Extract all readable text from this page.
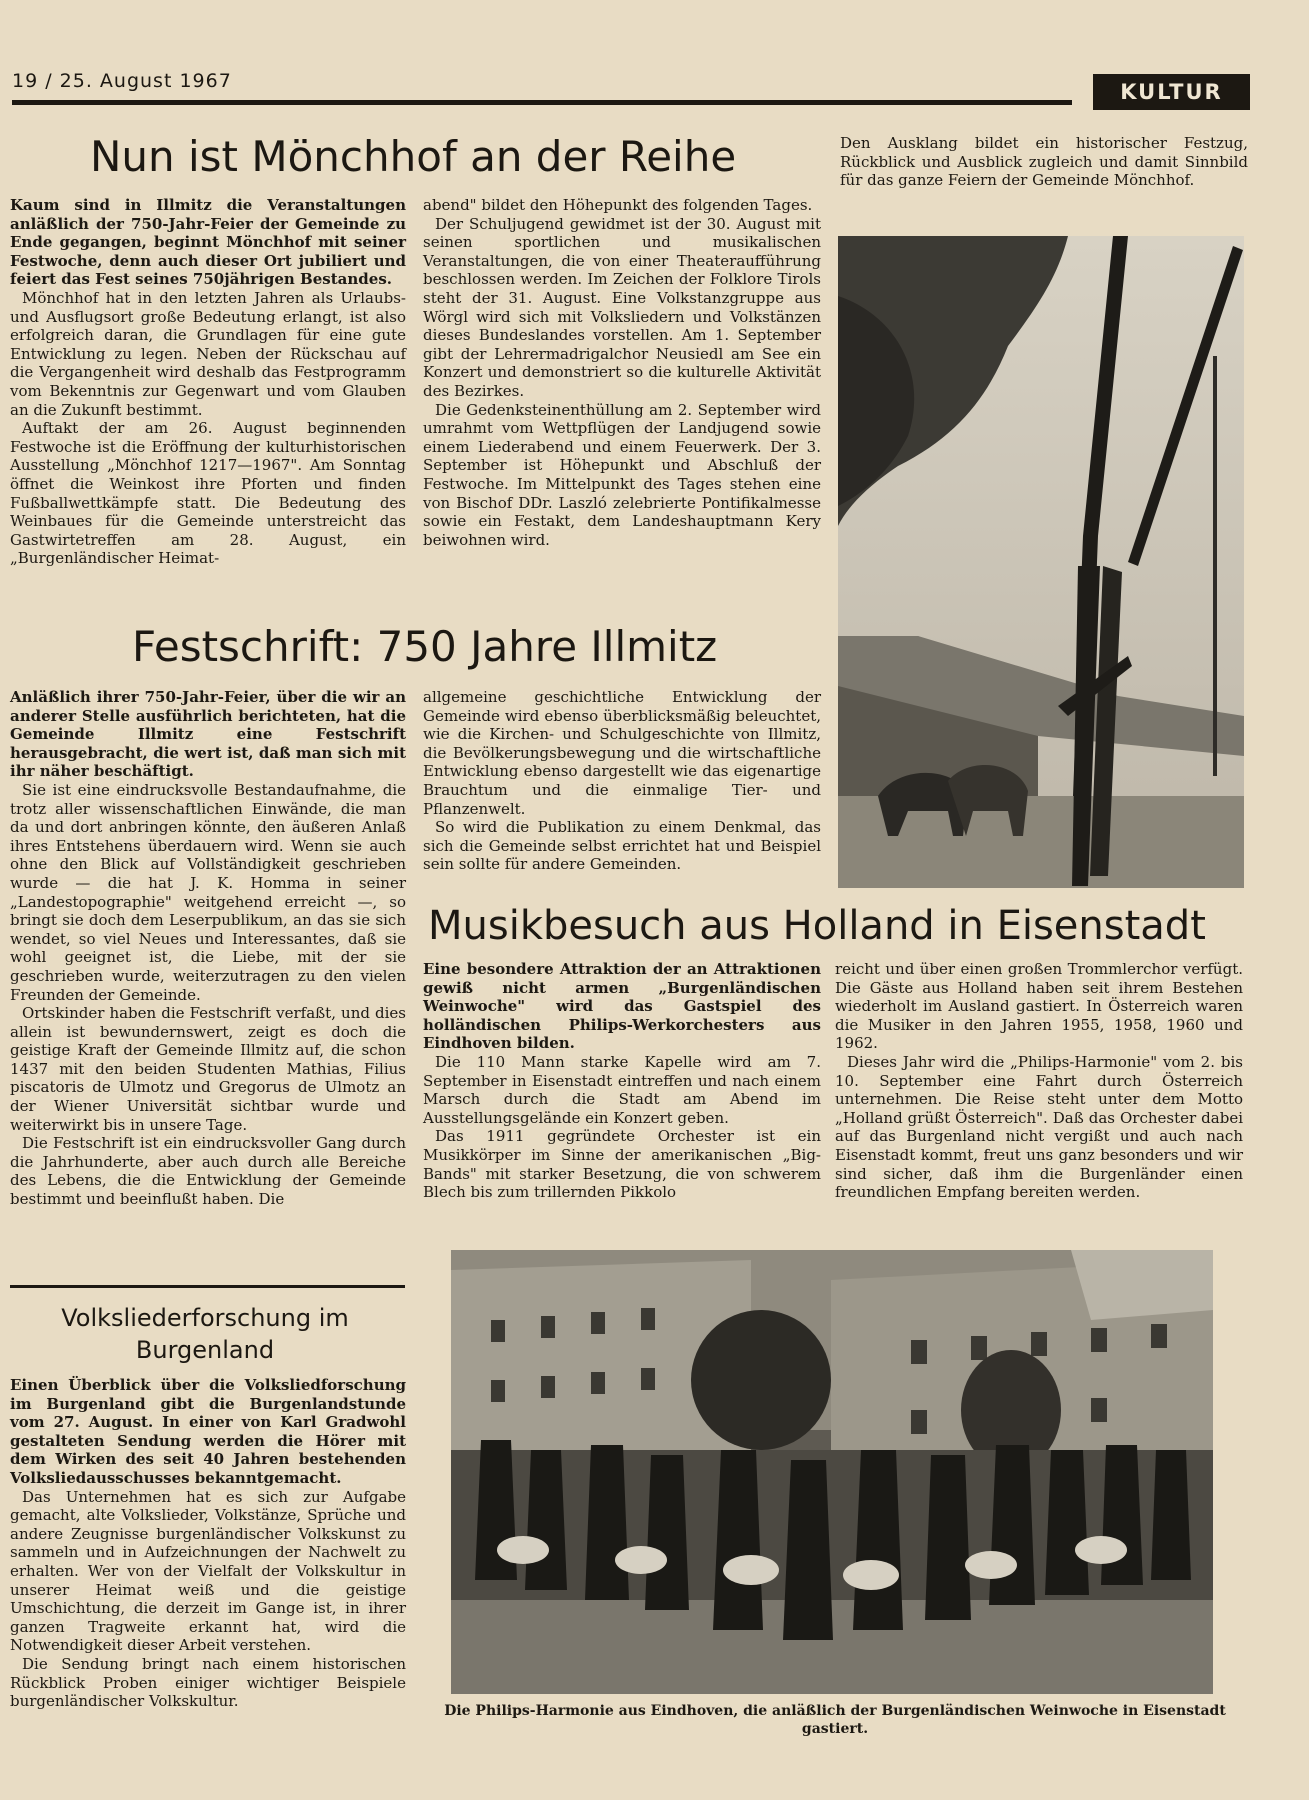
19 / 25. August 1967	KULTUR
Nun ist Mönchhof an der Reihe

Kaum sind in Illmitz die Veranstaltungen anläßlich der 750-Jahr-Feier der Gemeinde zu Ende gegangen, beginnt Mönchhof mit seiner Festwoche, denn auch dieser Ort jubiliert und feiert das Fest seines 750jährigen Bestandes.

Mönchhof hat in den letzten Jahren als Urlaubs- und Ausflugsort große Bedeutung erlangt, ist also erfolgreich daran, die Grundlagen für eine gute Entwicklung zu legen. Neben der Rückschau auf die Vergangenheit wird deshalb das Festprogramm vom Bekenntnis zur Gegenwart und vom Glauben an die Zukunft bestimmt.

Auftakt der am 26. August beginnenden Festwoche ist die Eröffnung der kulturhistorischen Ausstellung „Mönchhof 1217—1967". Am Sonntag öffnet die Weinkost ihre Pforten und finden Fußballwettkämpfe statt. Die Bedeutung des Weinbaues für die Gemeinde unterstreicht das Gastwirtetreffen am 28. August, ein „Burgenländischer Heimat-

abend" bildet den Höhepunkt des folgenden Tages.

Der Schuljugend gewidmet ist der 30. August mit seinen sportlichen und musikalischen Veranstaltungen, die von einer Theateraufführung beschlossen werden. Im Zeichen der Folklore Tirols steht der 31. August. Eine Volkstanzgruppe aus Wörgl wird sich mit Volksliedern und Volkstänzen dieses Bundeslandes vorstellen. Am 1. September gibt der Lehrermadrigalchor Neusiedl am See ein Konzert und demonstriert so die kulturelle Aktivität des Bezirkes.

Die Gedenksteinenthüllung am 2. September wird umrahmt vom Wettpflügen der Landjugend sowie einem Liederabend und einem Feuerwerk. Der 3. September ist Höhepunkt und Abschluß der Festwoche. Im Mittelpunkt des Tages stehen eine von Bischof DDr. Laszló zelebrierte Pontifikalmesse sowie ein Festakt, dem Landeshauptmann Kery beiwohnen wird.

Den Ausklang bildet ein historischer Festzug, Rückblick und Ausblick zugleich und damit Sinnbild für das ganze Feiern der Gemeinde Mönchhof.

Festschrift: 750 Jahre Illmitz

Anläßlich ihrer 750-Jahr-Feier, über die wir an anderer Stelle ausführlich berichteten, hat die Gemeinde Illmitz eine Festschrift herausgebracht, die wert ist, daß man sich mit ihr näher beschäftigt.

Sie ist eine eindrucksvolle Bestandaufnahme, die trotz aller wissenschaftlichen Einwände, die man da und dort anbringen könnte, den äußeren Anlaß ihres Entstehens überdauern wird. Wenn sie auch ohne den Blick auf Vollständigkeit geschrieben wurde — die hat J. K. Homma in seiner „Landestopographie" weitgehend erreicht —, so bringt sie doch dem Leserpublikum, an das sie sich wendet, so viel Neues und Interessantes, daß sie wohl geeignet ist, die Liebe, mit der sie geschrieben wurde, weiterzutragen zu den vielen Freunden der Gemeinde.

Ortskinder haben die Festschrift verfaßt, und dies allein ist bewundernswert, zeigt es doch die geistige Kraft der Gemeinde Illmitz auf, die schon 1437 mit den beiden Studenten Mathias, Filius piscatoris de Ulmotz und Gregorus de Ulmotz an der Wiener Universität sichtbar wurde und weiterwirkt bis in unsere Tage.

Die Festschrift ist ein eindrucksvoller Gang durch die Jahrhunderte, aber auch durch alle Bereiche des Lebens, die die Entwicklung der Gemeinde bestimmt und beeinflußt haben. Die

allgemeine geschichtliche Entwicklung der Gemeinde wird ebenso überblicksmäßig beleuchtet, wie die Kirchen- und Schulgeschichte von Illmitz, die Bevölkerungsbewegung und die wirtschaftliche Entwicklung ebenso dargestellt wie das eigenartige Brauchtum und die einmalige Tier- und Pflanzenwelt.

So wird die Publikation zu einem Denkmal, das sich die Gemeinde selbst errichtet hat und Beispiel sein sollte für andere Gemeinden.

Musikbesuch aus Holland in Eisenstadt

Eine besondere Attraktion der an Attraktionen gewiß nicht armen „Burgenländischen Weinwoche" wird das Gastspiel des holländischen Philips-Werkorchesters aus Eindhoven bilden.

Die 110 Mann starke Kapelle wird am 7. September in Eisenstadt eintreffen und nach einem Marsch durch die Stadt am Abend im Ausstellungsgelände ein Konzert geben.

Das 1911 gegründete Orchester ist ein Musikkörper im Sinne der amerikanischen „Big-Bands" mit starker Besetzung, die von schwerem Blech bis zum trillernden Pikkolo

reicht und über einen großen Trommlerchor verfügt. Die Gäste aus Holland haben seit ihrem Bestehen wiederholt im Ausland gastiert. In Österreich waren die Musiker in den Jahren 1955, 1958, 1960 und 1962.

Dieses Jahr wird die „Philips-Harmonie" vom 2. bis 10. September eine Fahrt durch Österreich unternehmen. Die Reise steht unter dem Motto „Holland grüßt Österreich". Daß das Orchester dabei auf das Burgenland nicht vergißt und auch nach Eisenstadt kommt, freut uns ganz besonders und wir sind sicher, daß ihm die Burgenländer einen freundlichen Empfang bereiten werden.

Die Philips-Harmonie aus Eindhoven, die anläßlich der Burgenländischen Weinwoche in Eisenstadt gastiert.
Volksliederforschung im Burgenland

Einen Überblick über die Volksliedforschung im Burgenland gibt die Burgenlandstunde vom 27. August. In einer von Karl Gradwohl gestalteten Sendung werden die Hörer mit dem Wirken des seit 40 Jahren bestehenden Volksliedausschusses bekanntgemacht.

Das Unternehmen hat es sich zur Aufgabe gemacht, alte Volkslieder, Volkstänze, Sprüche und andere Zeugnisse burgenländischer Volkskunst zu sammeln und in Aufzeichnungen der Nachwelt zu erhalten. Wer von der Vielfalt der Volkskultur in unserer Heimat weiß und die geistige Umschichtung, die derzeit im Gange ist, in ihrer ganzen Tragweite erkannt hat, wird die Notwendigkeit dieser Arbeit verstehen.

Die Sendung bringt nach einem historischen Rückblick Proben einiger wichtiger Beispiele burgenländischer Volkskultur.
